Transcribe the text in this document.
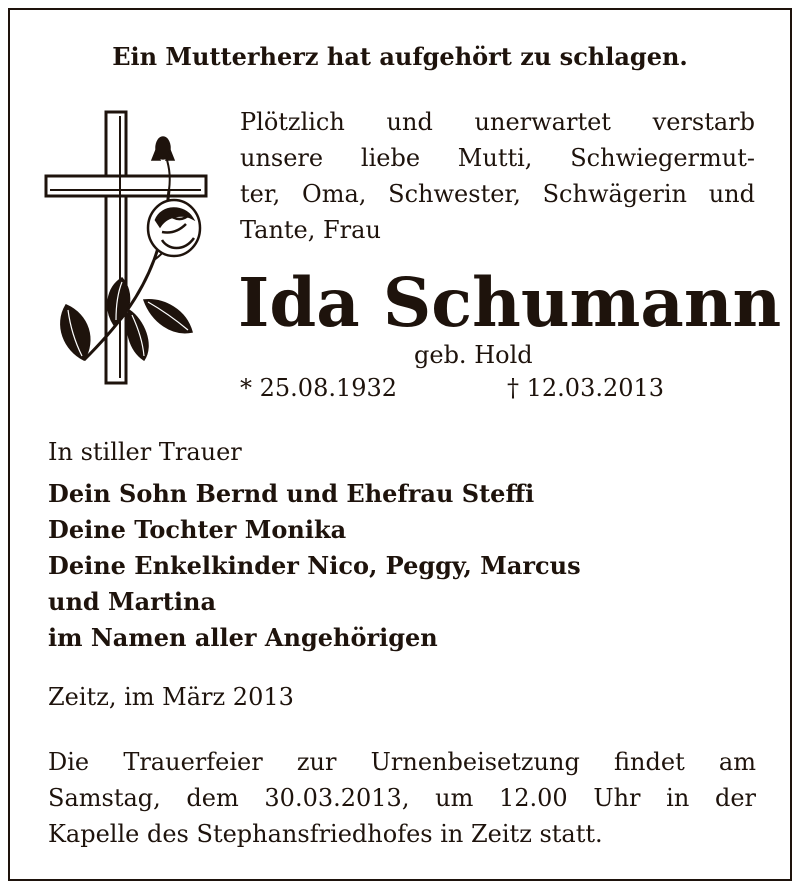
Ein Mutterherz hat aufgehört zu schlagen.
Plötzlich und unerwartet verstarb
unsere liebe Mutti, Schwiegermut-
ter, Oma, Schwester, Schwägerin und
Tante, Frau
Ida Schumann
geb. Hold
* 25.08.1932	† 12.03.2013
In stiller Trauer
Dein Sohn Bernd und Ehefrau Steffi
Deine Tochter Monika
Deine Enkelkinder Nico, Peggy, Marcus
und Martina
im Namen aller Angehörigen
Zeitz, im März 2013
Die Trauerfeier zur Urnenbeisetzung findet am
Samstag, dem 30.03.2013, um 12.00 Uhr in der
Kapelle des Stephansfriedhofes in Zeitz statt.
